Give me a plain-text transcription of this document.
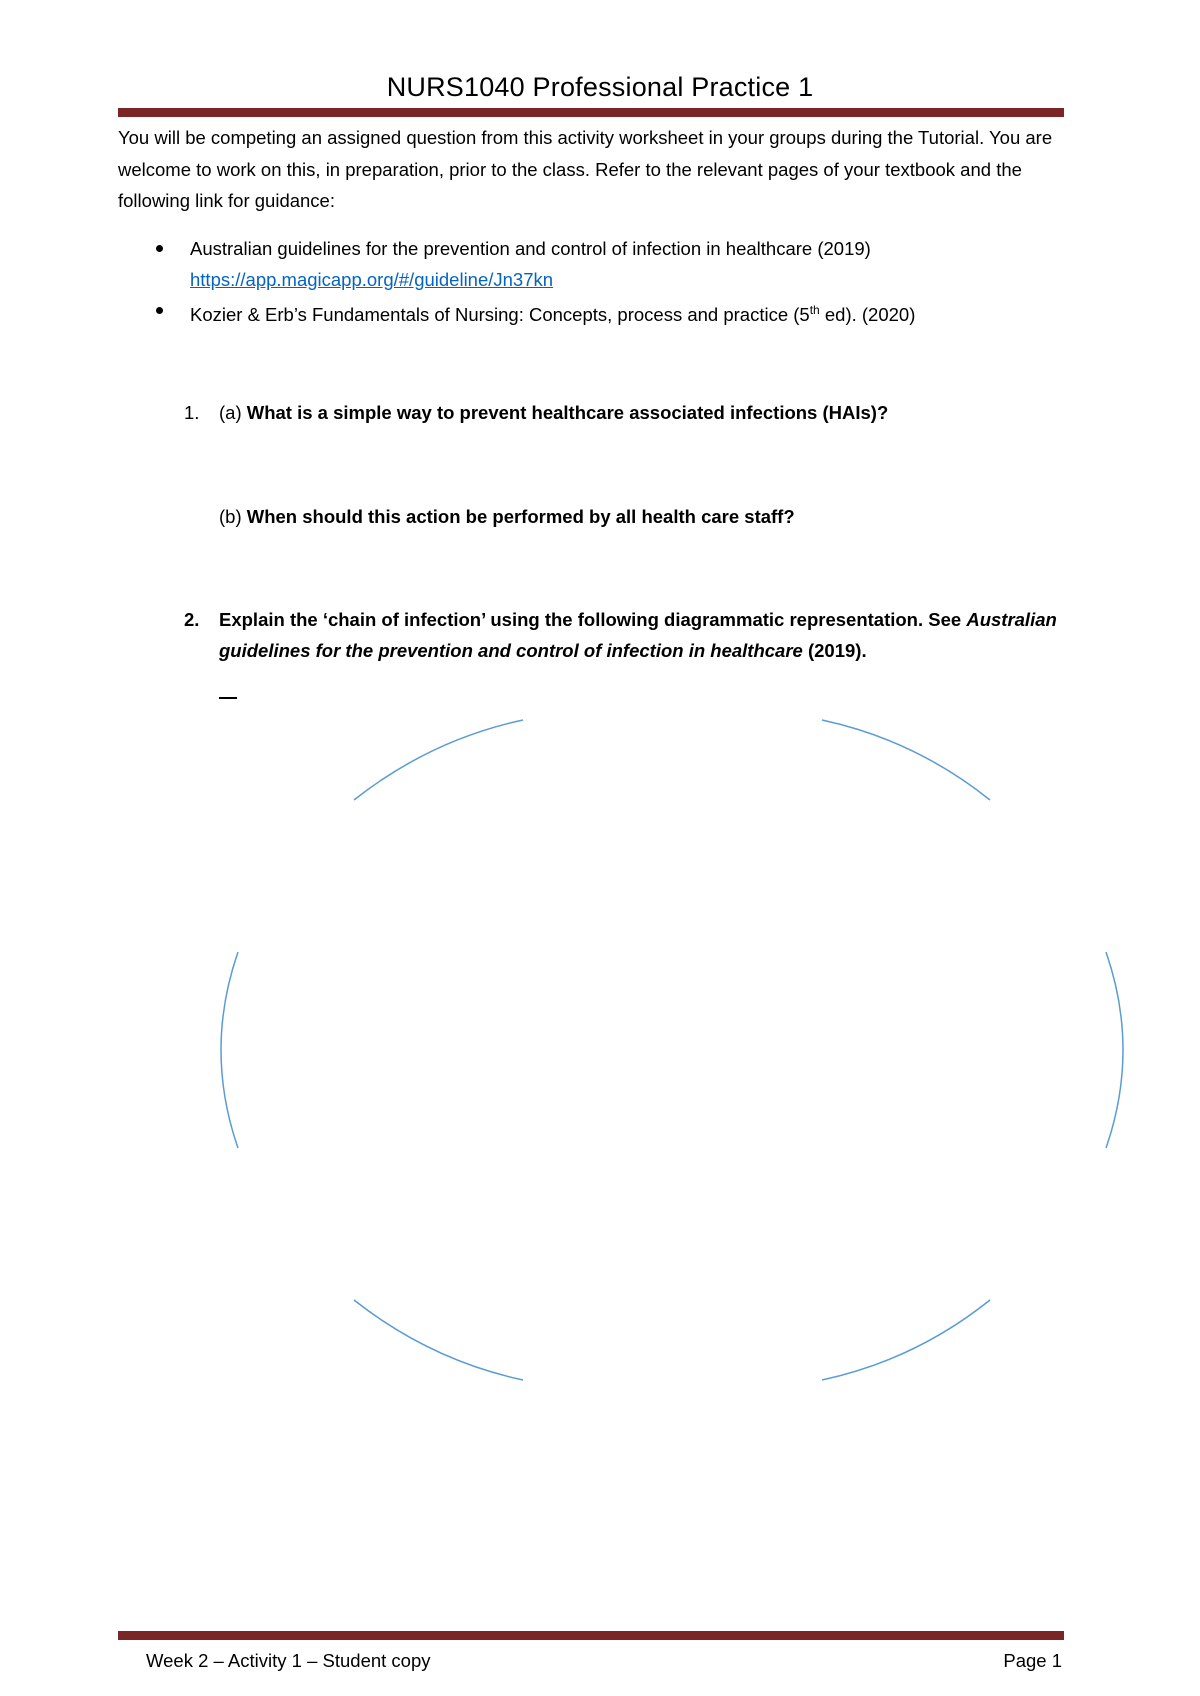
NURS1040 Professional Practice 1

You will be competing an assigned question from this activity worksheet in your groups during the Tutorial. You are welcome to work on this, in preparation, prior to the class. Refer to the relevant pages of your textbook and the following link for guidance:

Australian guidelines for the prevention and control of infection in healthcare (2019)
https://app.magicapp.org/#/guideline/Jn37kn
Kozier & Erb’s Fundamentals of Nursing: Concepts, process and practice (5th ed). (2020)
1. (a) What is a simple way to prevent healthcare associated infections (HAIs)?
(b) When should this action be performed by all health care staff?
2. Explain the ‘chain of infection’ using the following diagrammatic representation. See Australian guidelines for the prevention and control of infection in healthcare (2019).
Week 2 – Activity 1 – Student copy	Page 1
